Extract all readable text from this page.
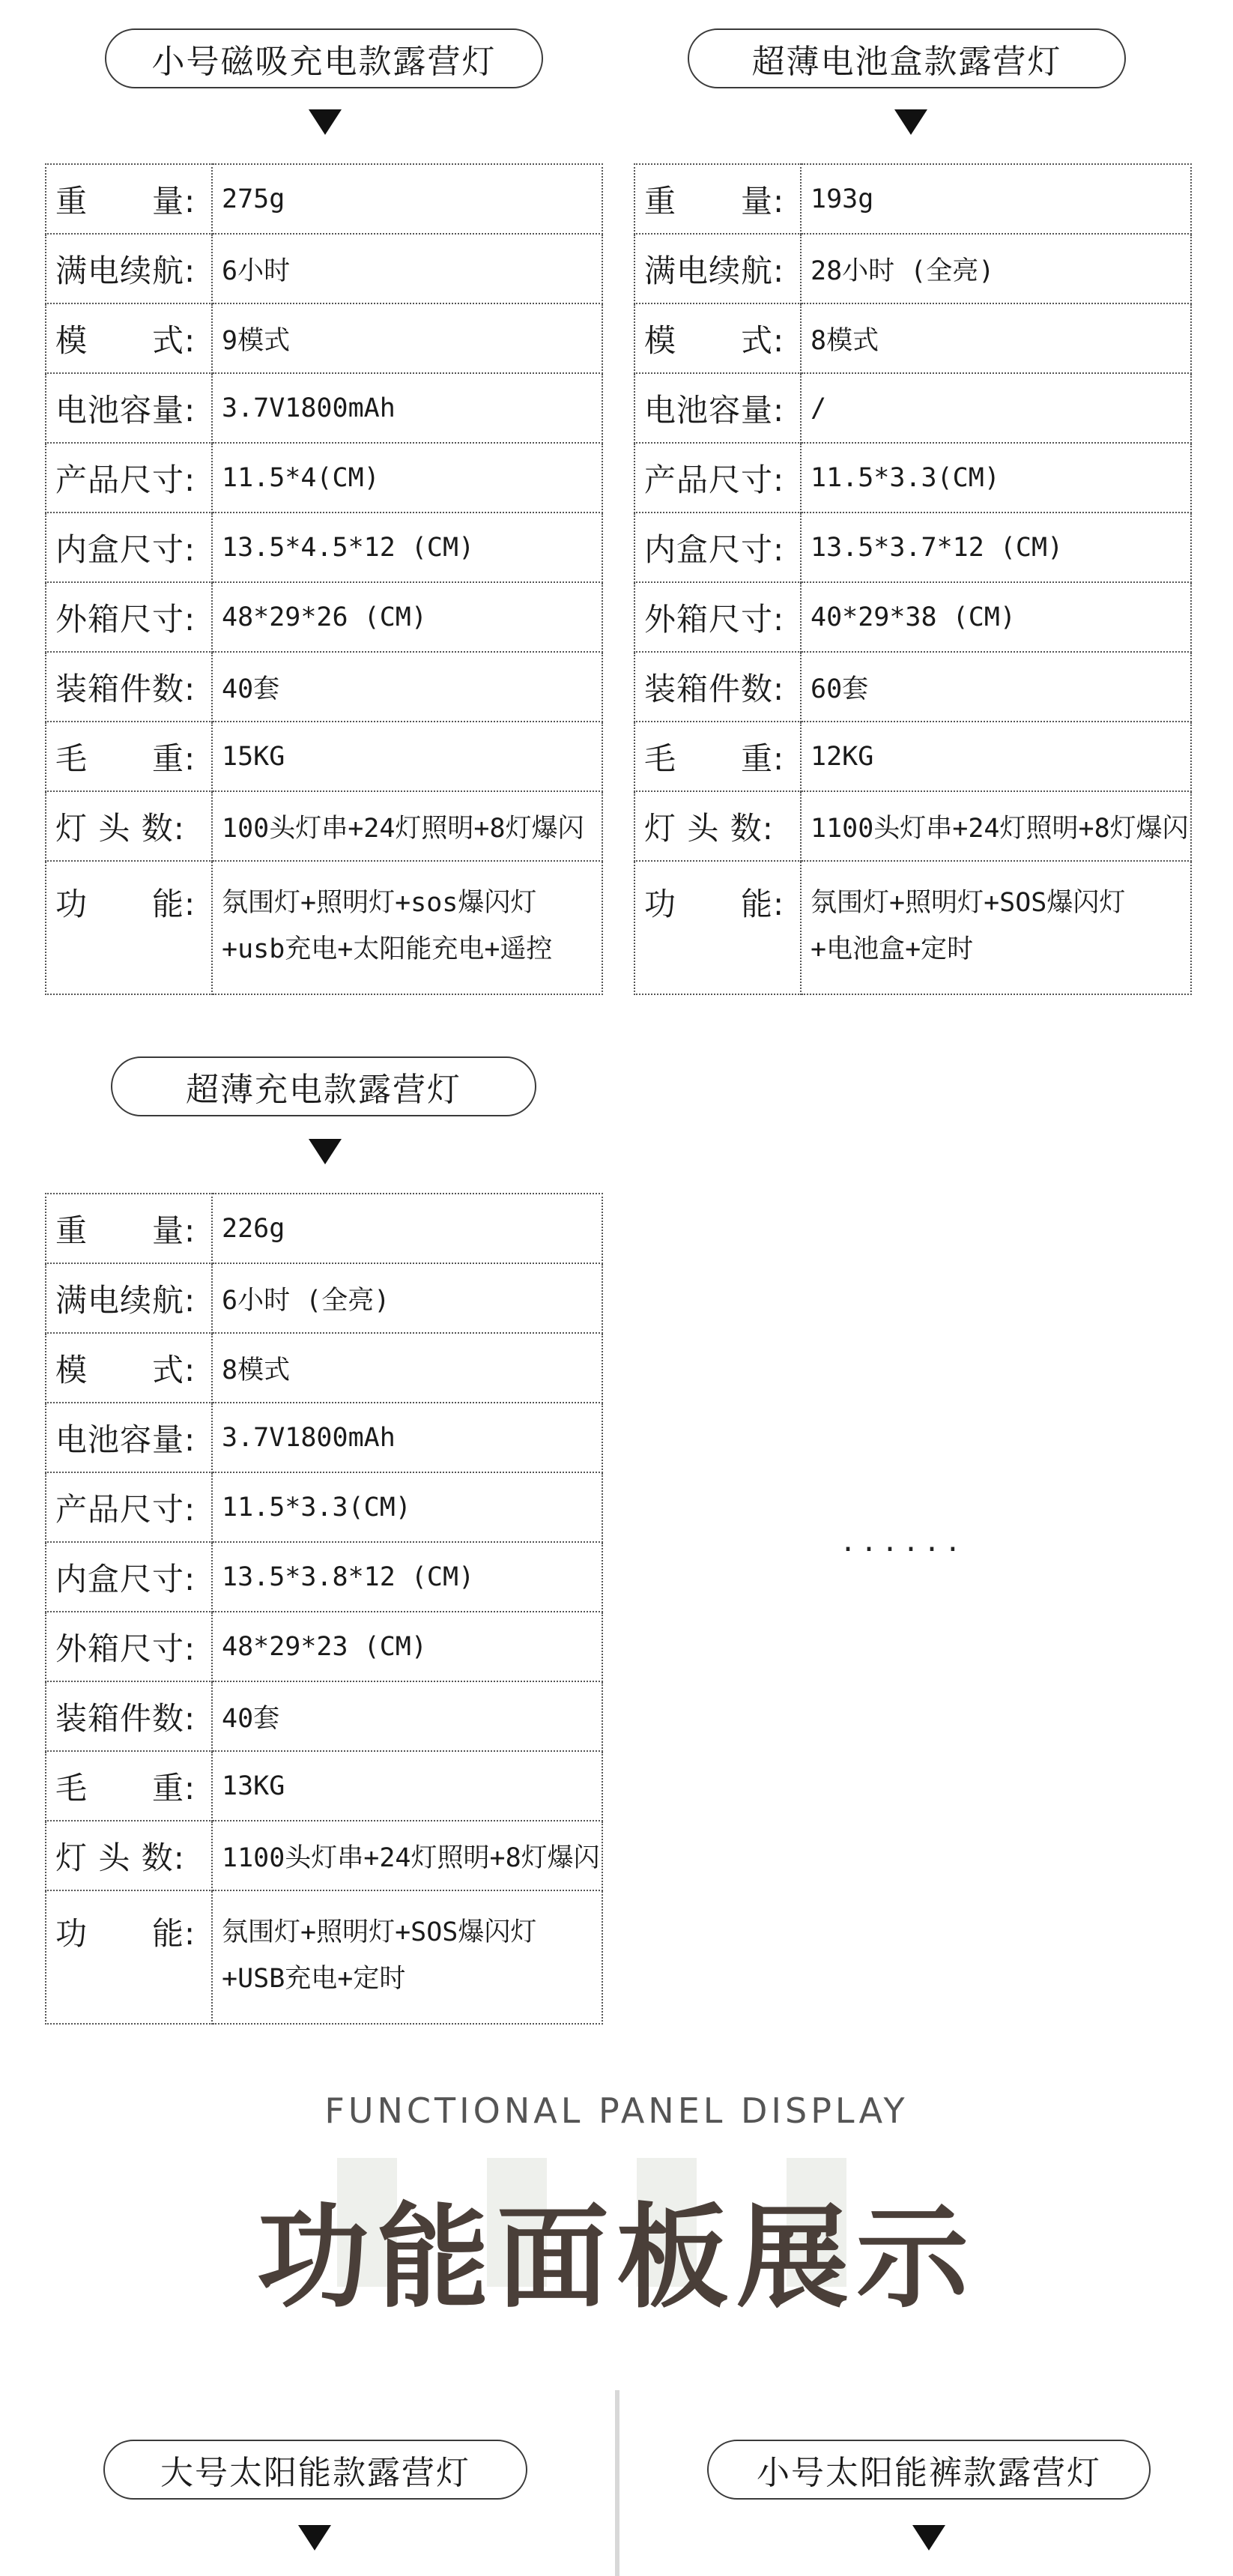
小号磁吸充电款露营灯
重　　量:	275g
满电续航:	6小时
模　　式:	9模式
电池容量:	3.7V1800mAh
产品尺寸:	11.5*4(CM)
内盒尺寸:	13.5*4.5*12 (CM)
外箱尺寸:	48*29*26 (CM)
装箱件数:	40套
毛　　重:	15KG
灯 头 数:	100头灯串+24灯照明+8灯爆闪
功　　能:	氛围灯+照明灯+sos爆闪灯
+usb充电+太阳能充电+遥控
超薄电池盒款露营灯
重　　量:	193g
满电续航:	28小时 (全亮)
模　　式:	8模式
电池容量:	/
产品尺寸:	11.5*3.3(CM)
内盒尺寸:	13.5*3.7*12 (CM)
外箱尺寸:	40*29*38 (CM)
装箱件数:	60套
毛　　重:	12KG
灯 头 数:	1100头灯串+24灯照明+8灯爆闪
功　　能:	氛围灯+照明灯+SOS爆闪灯
+电池盒+定时
超薄充电款露营灯
重　　量:	226g
满电续航:	6小时 (全亮)
模　　式:	8模式
电池容量:	3.7V1800mAh
产品尺寸:	11.5*3.3(CM)
内盒尺寸:	13.5*3.8*12 (CM)
外箱尺寸:	48*29*23 (CM)
装箱件数:	40套
毛　　重:	13KG
灯 头 数:	1100头灯串+24灯照明+8灯爆闪
功　　能:	氛围灯+照明灯+SOS爆闪灯
+USB充电+定时
......
FUNCTIONAL PANEL DISPLAY
功能面板展示
大号太阳能款露营灯	小号太阳能裤款露营灯
